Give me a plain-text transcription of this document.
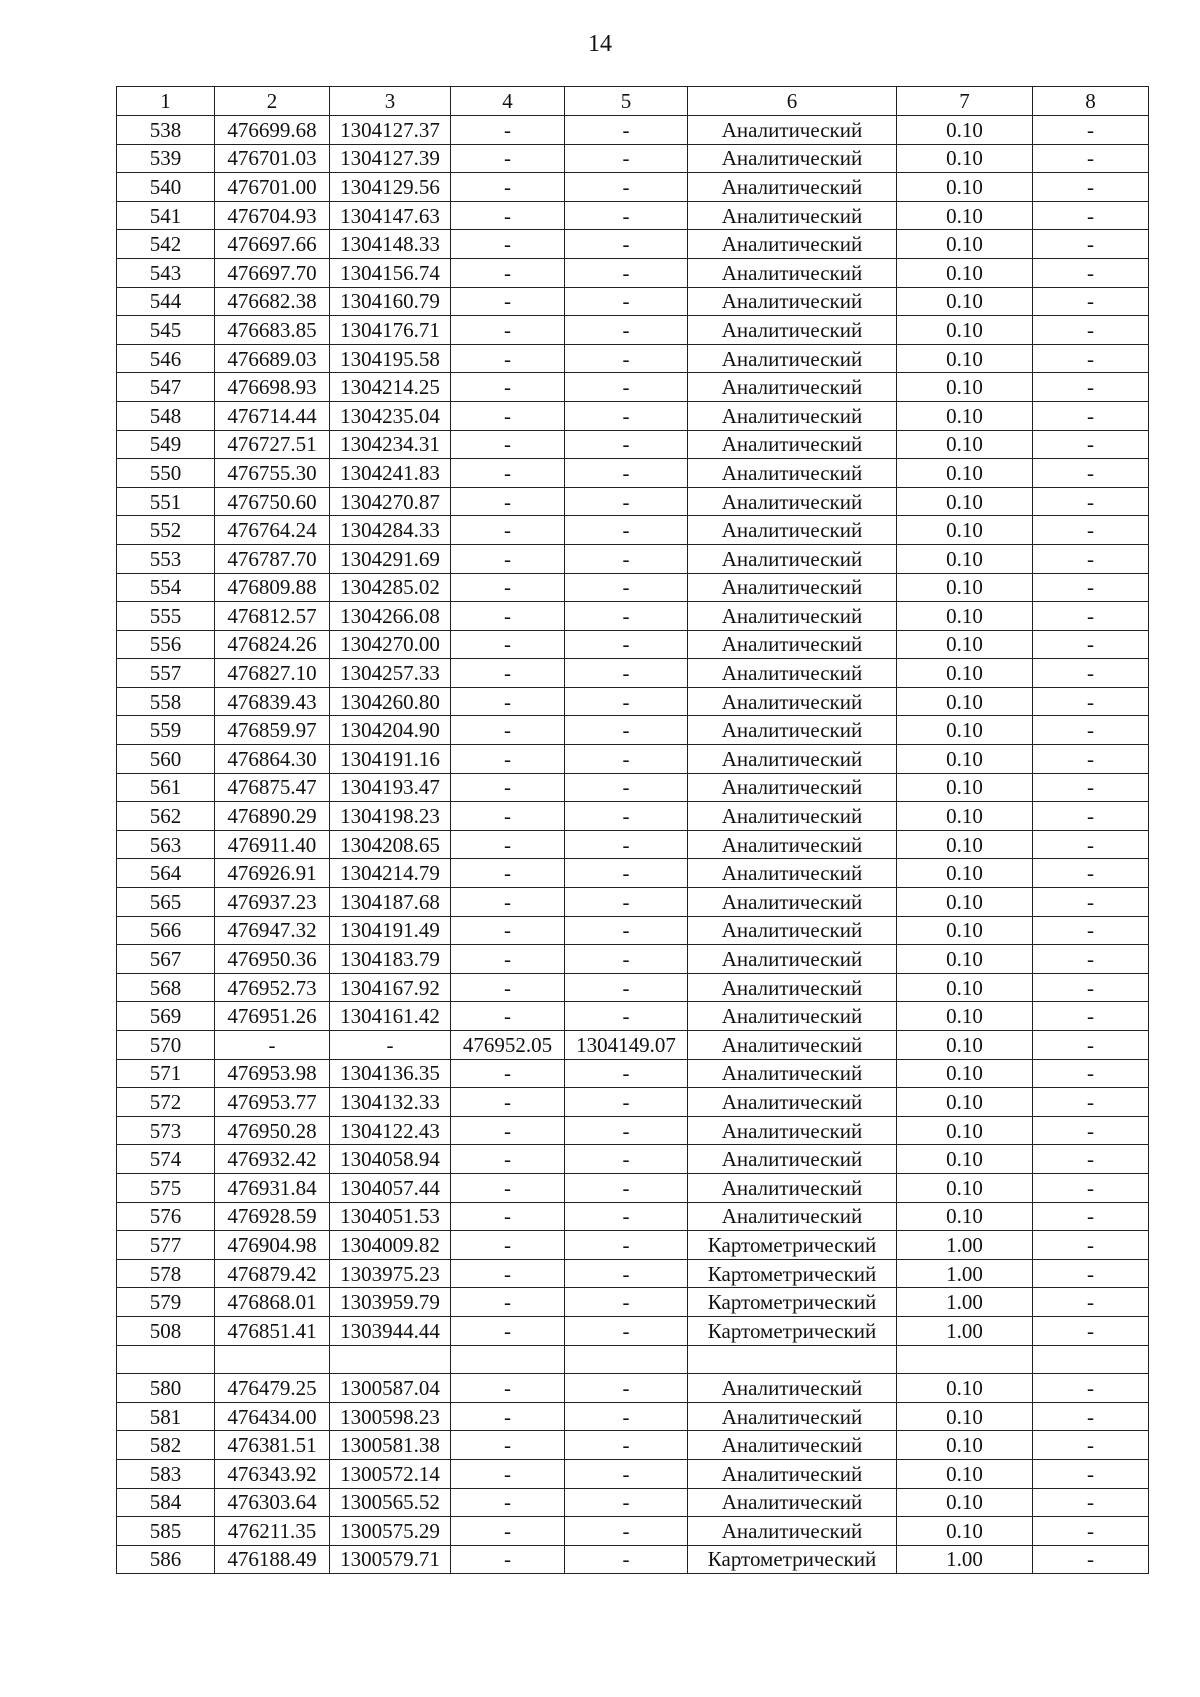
14
1	2	3	4	5	6	7	8
538	476699.68	1304127.37	-	-	Аналитический	0.10	-
539	476701.03	1304127.39	-	-	Аналитический	0.10	-
540	476701.00	1304129.56	-	-	Аналитический	0.10	-
541	476704.93	1304147.63	-	-	Аналитический	0.10	-
542	476697.66	1304148.33	-	-	Аналитический	0.10	-
543	476697.70	1304156.74	-	-	Аналитический	0.10	-
544	476682.38	1304160.79	-	-	Аналитический	0.10	-
545	476683.85	1304176.71	-	-	Аналитический	0.10	-
546	476689.03	1304195.58	-	-	Аналитический	0.10	-
547	476698.93	1304214.25	-	-	Аналитический	0.10	-
548	476714.44	1304235.04	-	-	Аналитический	0.10	-
549	476727.51	1304234.31	-	-	Аналитический	0.10	-
550	476755.30	1304241.83	-	-	Аналитический	0.10	-
551	476750.60	1304270.87	-	-	Аналитический	0.10	-
552	476764.24	1304284.33	-	-	Аналитический	0.10	-
553	476787.70	1304291.69	-	-	Аналитический	0.10	-
554	476809.88	1304285.02	-	-	Аналитический	0.10	-
555	476812.57	1304266.08	-	-	Аналитический	0.10	-
556	476824.26	1304270.00	-	-	Аналитический	0.10	-
557	476827.10	1304257.33	-	-	Аналитический	0.10	-
558	476839.43	1304260.80	-	-	Аналитический	0.10	-
559	476859.97	1304204.90	-	-	Аналитический	0.10	-
560	476864.30	1304191.16	-	-	Аналитический	0.10	-
561	476875.47	1304193.47	-	-	Аналитический	0.10	-
562	476890.29	1304198.23	-	-	Аналитический	0.10	-
563	476911.40	1304208.65	-	-	Аналитический	0.10	-
564	476926.91	1304214.79	-	-	Аналитический	0.10	-
565	476937.23	1304187.68	-	-	Аналитический	0.10	-
566	476947.32	1304191.49	-	-	Аналитический	0.10	-
567	476950.36	1304183.79	-	-	Аналитический	0.10	-
568	476952.73	1304167.92	-	-	Аналитический	0.10	-
569	476951.26	1304161.42	-	-	Аналитический	0.10	-
570	-	-	476952.05	1304149.07	Аналитический	0.10	-
571	476953.98	1304136.35	-	-	Аналитический	0.10	-
572	476953.77	1304132.33	-	-	Аналитический	0.10	-
573	476950.28	1304122.43	-	-	Аналитический	0.10	-
574	476932.42	1304058.94	-	-	Аналитический	0.10	-
575	476931.84	1304057.44	-	-	Аналитический	0.10	-
576	476928.59	1304051.53	-	-	Аналитический	0.10	-
577	476904.98	1304009.82	-	-	Картометрический	1.00	-
578	476879.42	1303975.23	-	-	Картометрический	1.00	-
579	476868.01	1303959.79	-	-	Картометрический	1.00	-
508	476851.41	1303944.44	-	-	Картометрический	1.00	-

580	476479.25	1300587.04	-	-	Аналитический	0.10	-
581	476434.00	1300598.23	-	-	Аналитический	0.10	-
582	476381.51	1300581.38	-	-	Аналитический	0.10	-
583	476343.92	1300572.14	-	-	Аналитический	0.10	-
584	476303.64	1300565.52	-	-	Аналитический	0.10	-
585	476211.35	1300575.29	-	-	Аналитический	0.10	-
586	476188.49	1300579.71	-	-	Картометрический	1.00	-
